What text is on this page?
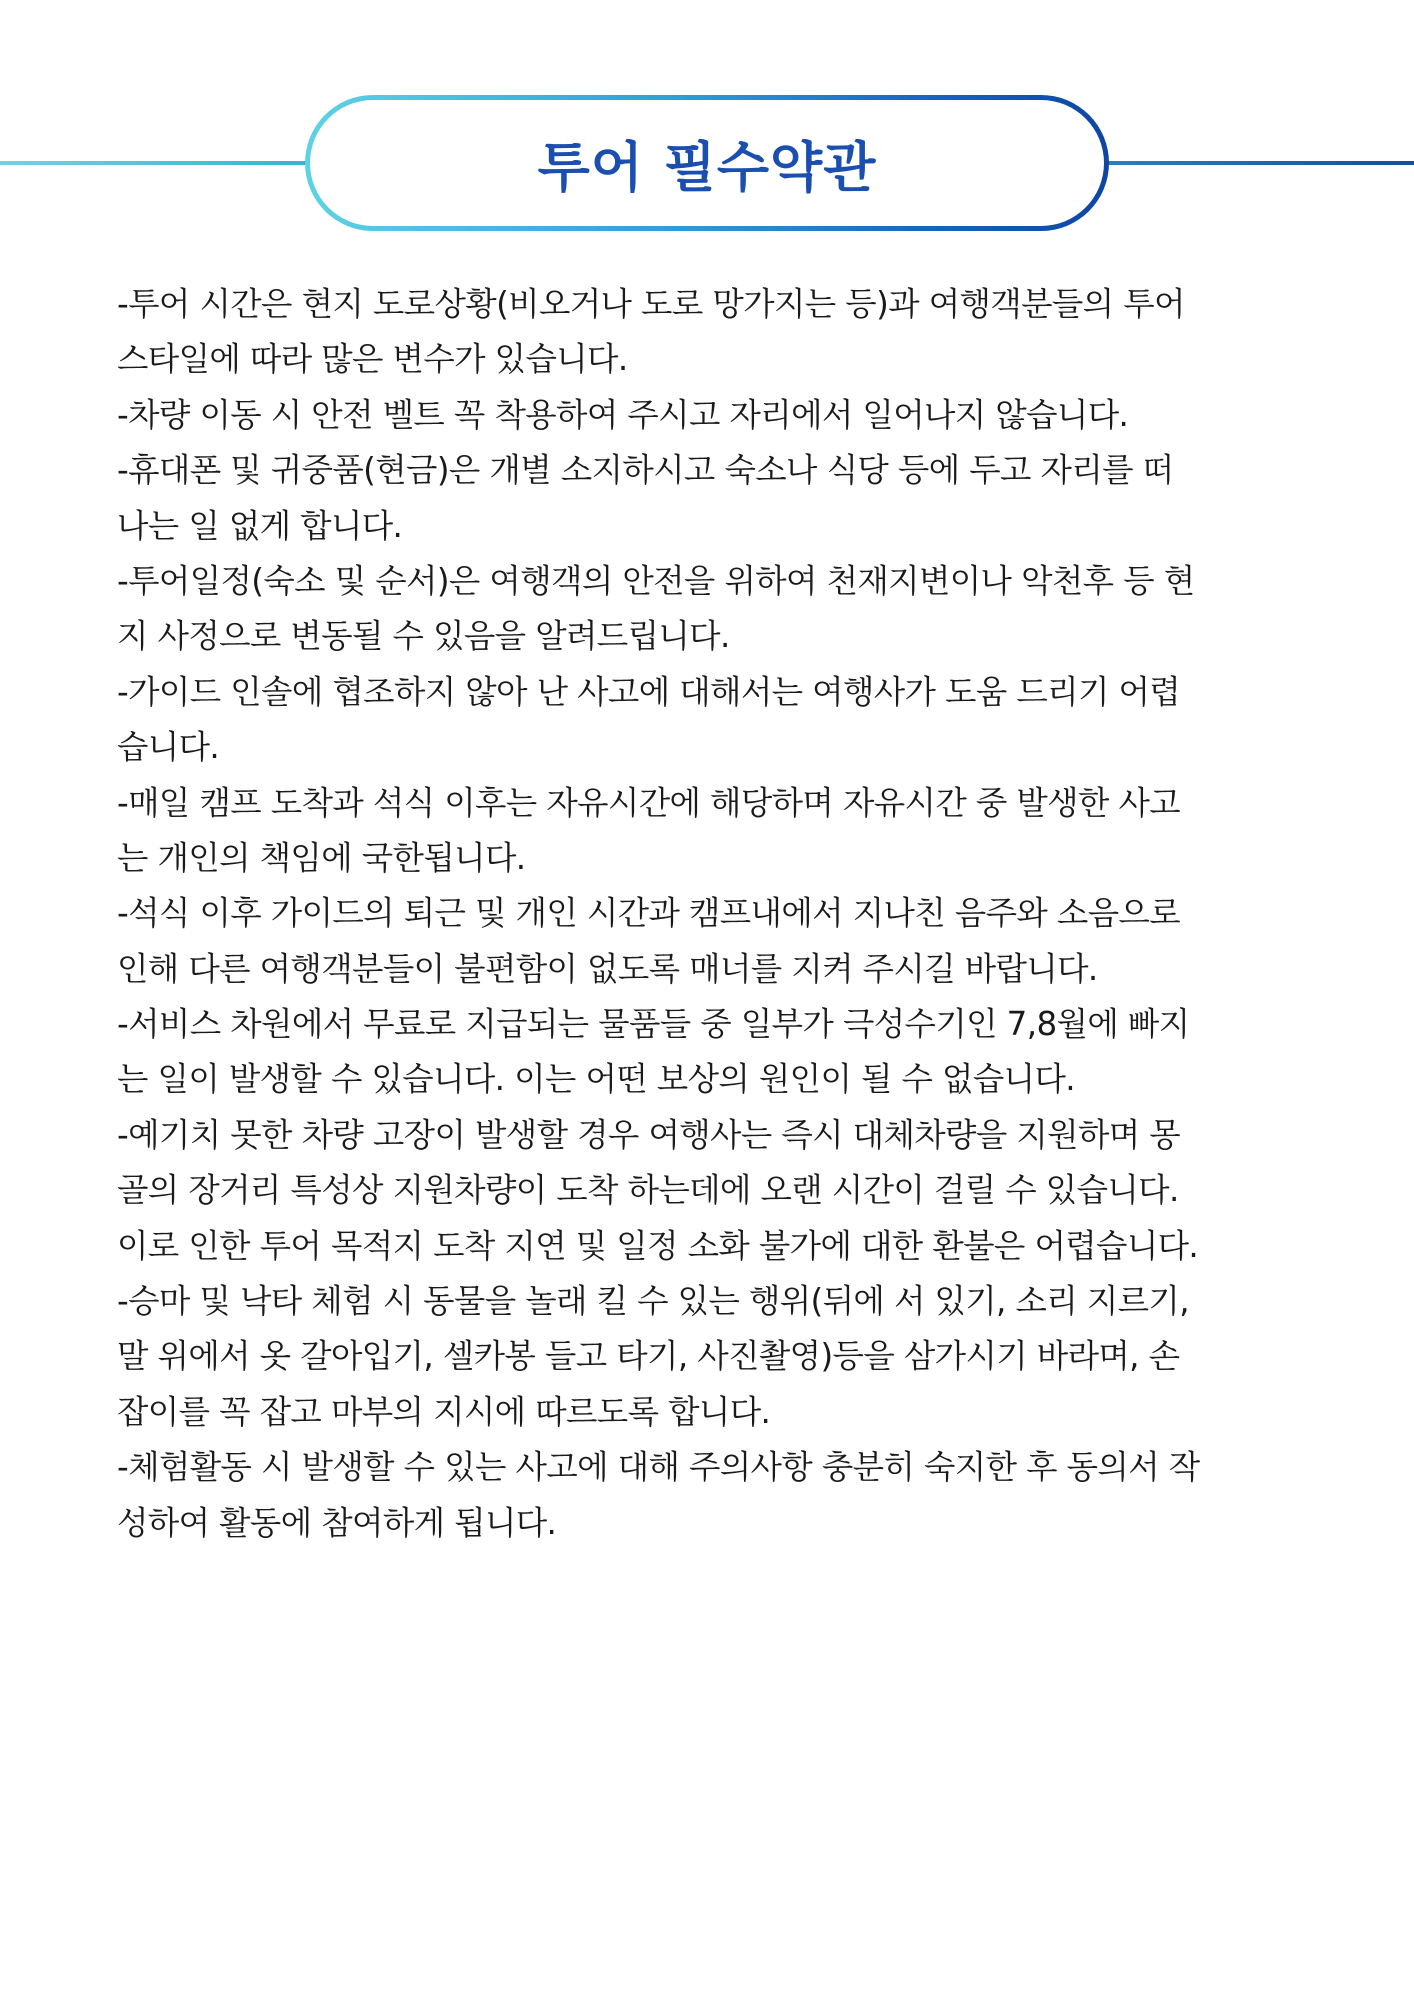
투어 필수약관
-투어 시간은 현지 도로상황(비오거나 도로 망가지는 등)과 여행객분들의 투어
스타일에 따라 많은 변수가 있습니다.
-차량 이동 시 안전 벨트 꼭 착용하여 주시고 자리에서 일어나지 않습니다.
-휴대폰 및 귀중품(현금)은 개별 소지하시고 숙소나 식당 등에 두고 자리를 떠
나는 일 없게 합니다.
-투어일정(숙소 및 순서)은 여행객의 안전을 위하여 천재지변이나 악천후 등 현
지 사정으로 변동될 수 있음을 알려드립니다.
-가이드 인솔에 협조하지 않아 난 사고에 대해서는 여행사가 도움 드리기 어렵
습니다.
-매일 캠프 도착과 석식 이후는 자유시간에 해당하며 자유시간 중 발생한 사고
는 개인의 책임에 국한됩니다.
-석식 이후 가이드의 퇴근 및 개인 시간과 캠프내에서 지나친 음주와 소음으로
인해 다른 여행객분들이 불편함이 없도록 매너를 지켜 주시길 바랍니다.
-서비스 차원에서 무료로 지급되는 물품들 중 일부가 극성수기인 7,8월에 빠지
는 일이 발생할 수 있습니다. 이는 어떤 보상의 원인이 될 수 없습니다.
-예기치 못한 차량 고장이 발생할 경우 여행사는 즉시 대체차량을 지원하며 몽
골의 장거리 특성상 지원차량이 도착 하는데에 오랜 시간이 걸릴 수 있습니다.
이로 인한 투어 목적지 도착 지연 및 일정 소화 불가에 대한 환불은 어렵습니다.
-승마 및 낙타 체험 시 동물을 놀래 킬 수 있는 행위(뒤에 서 있기, 소리 지르기,
말 위에서 옷 갈아입기, 셀카봉 들고 타기, 사진촬영)등을 삼가시기 바라며, 손
잡이를 꼭 잡고 마부의 지시에 따르도록 합니다.
-체험활동 시 발생할 수 있는 사고에 대해 주의사항 충분히 숙지한 후 동의서 작
성하여 활동에 참여하게 됩니다.
